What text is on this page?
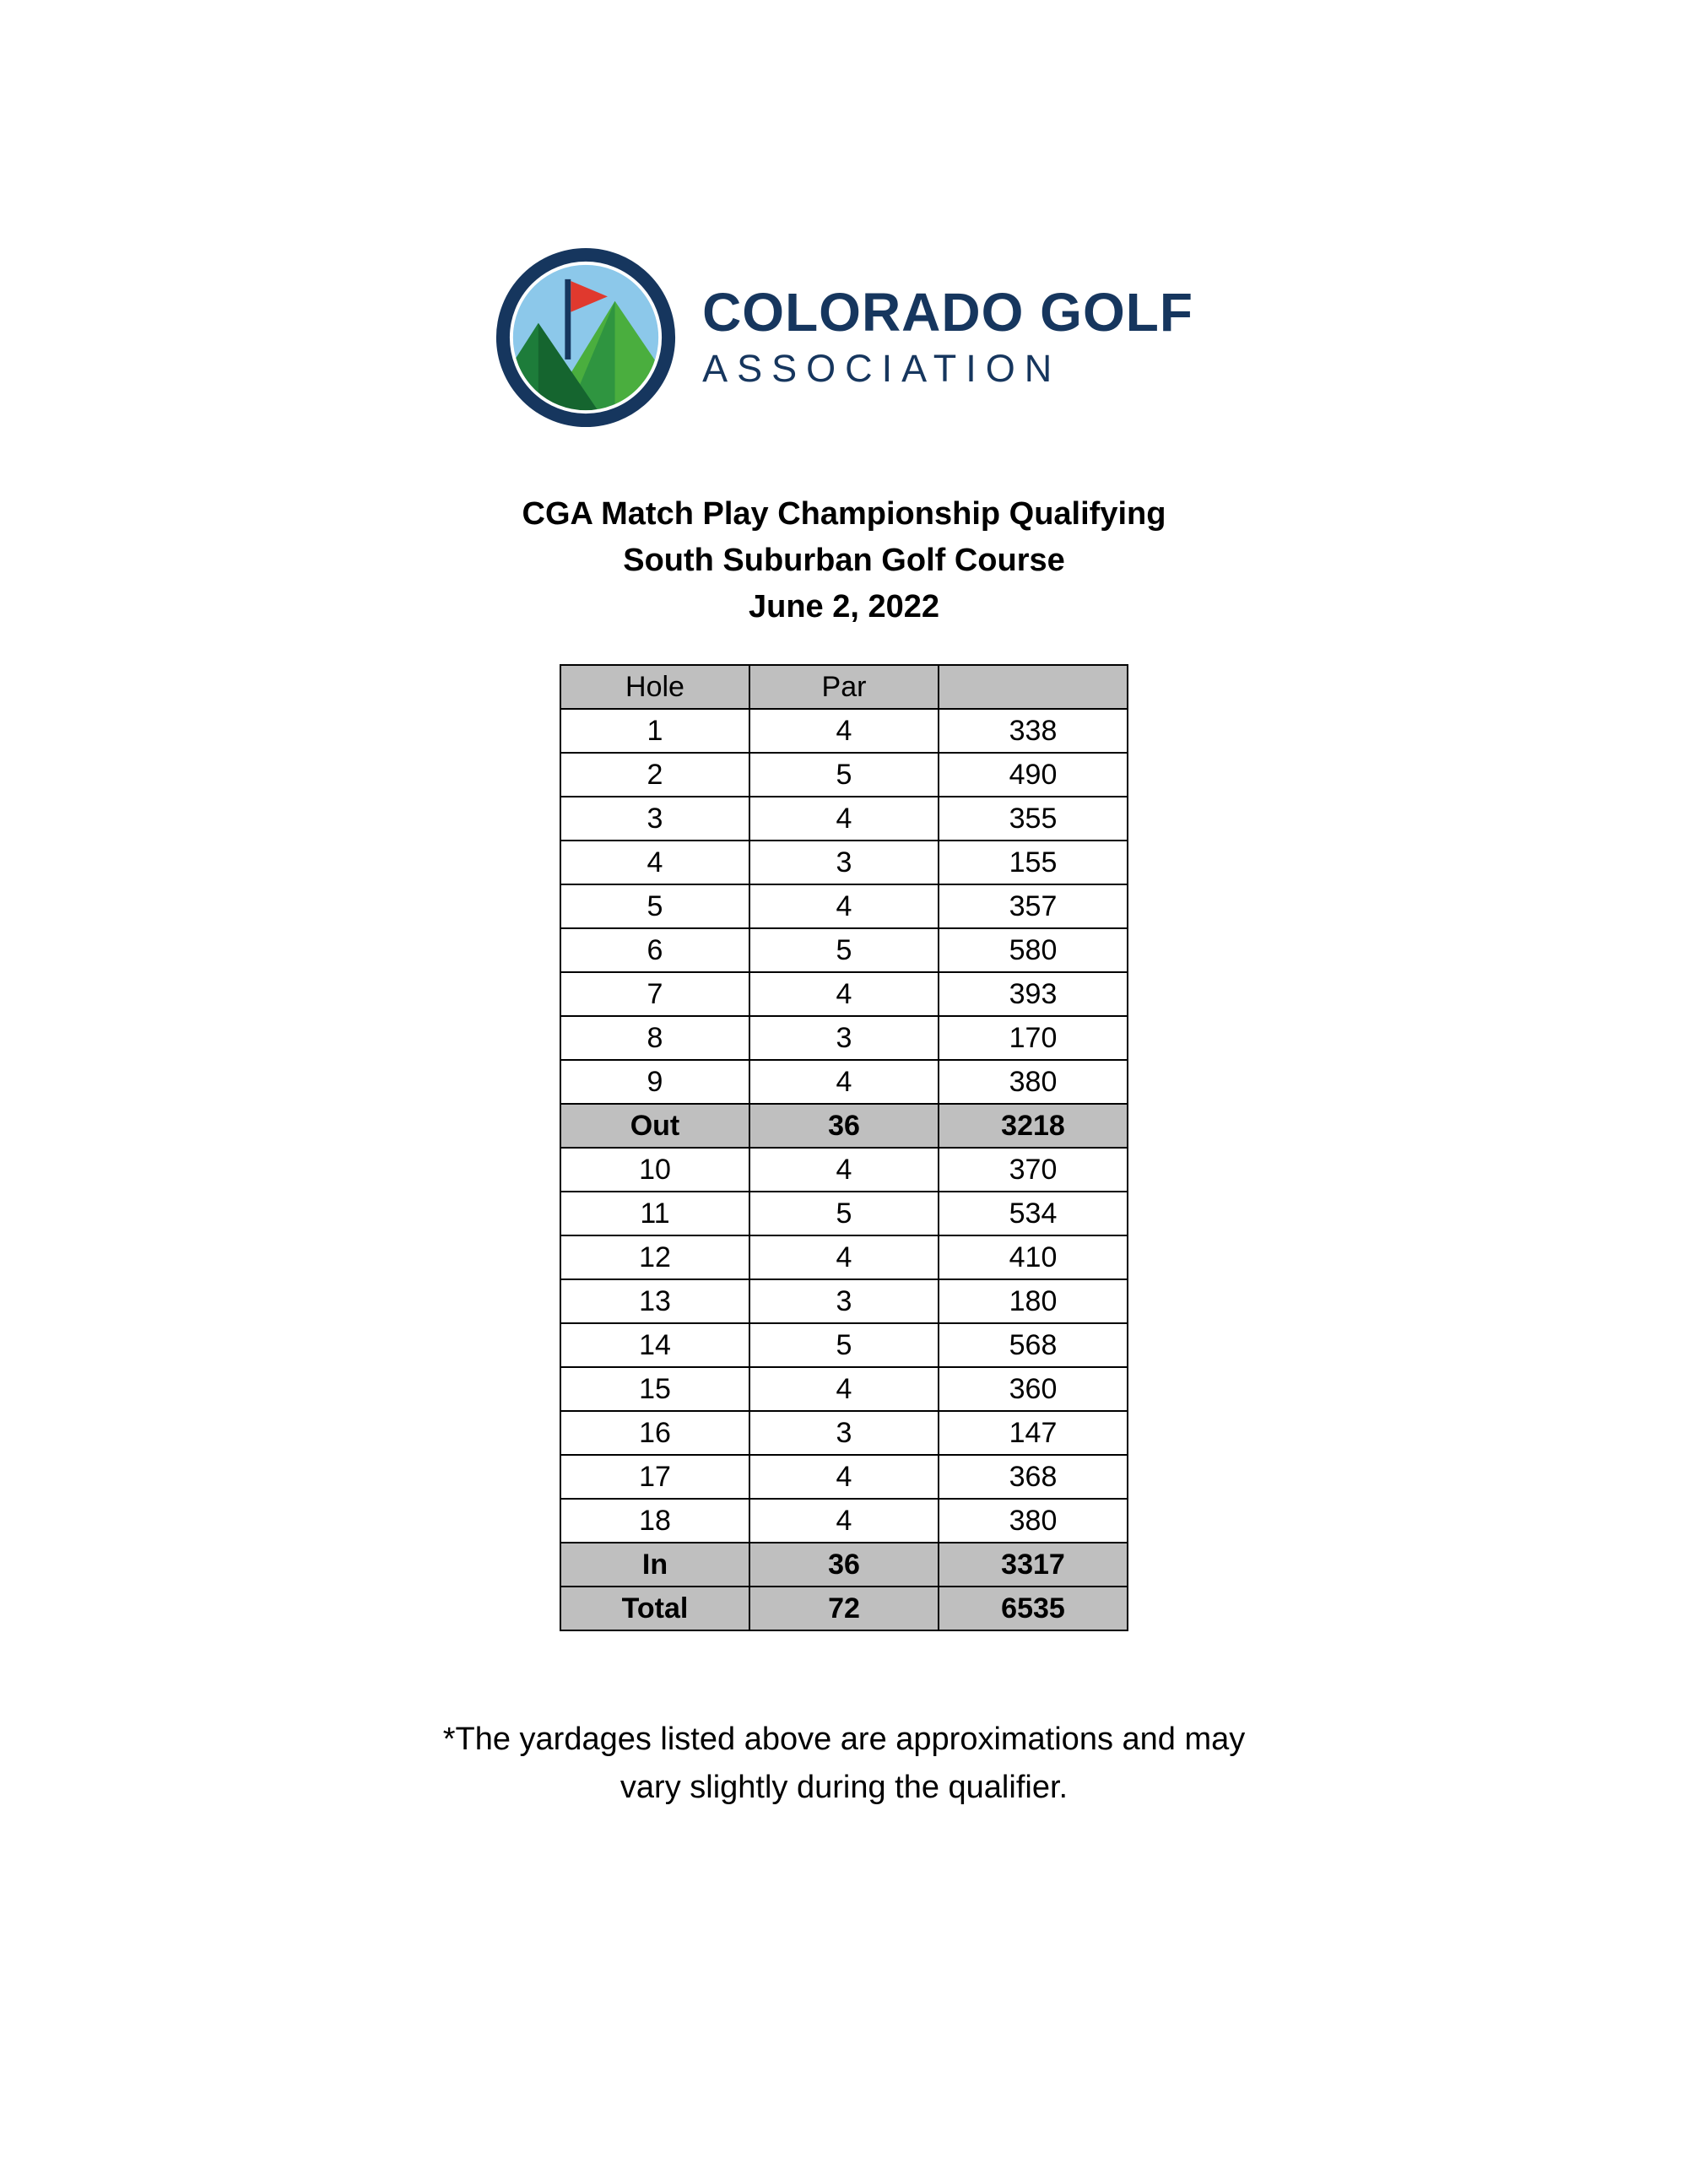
COLORADO GOLF
ASSOCIATION
CGA Match Play Championship Qualifying
South Suburban Golf Course
June 2, 2022
Hole	Par	
1	4	338
2	5	490
3	4	355
4	3	155
5	4	357
6	5	580
7	4	393
8	3	170
9	4	380
Out	36	3218
10	4	370
11	5	534
12	4	410
13	3	180
14	5	568
15	4	360
16	3	147
17	4	368
18	4	380
In	36	3317
Total	72	6535
*The yardages listed above are approximations and may
vary slightly during the qualifier.
